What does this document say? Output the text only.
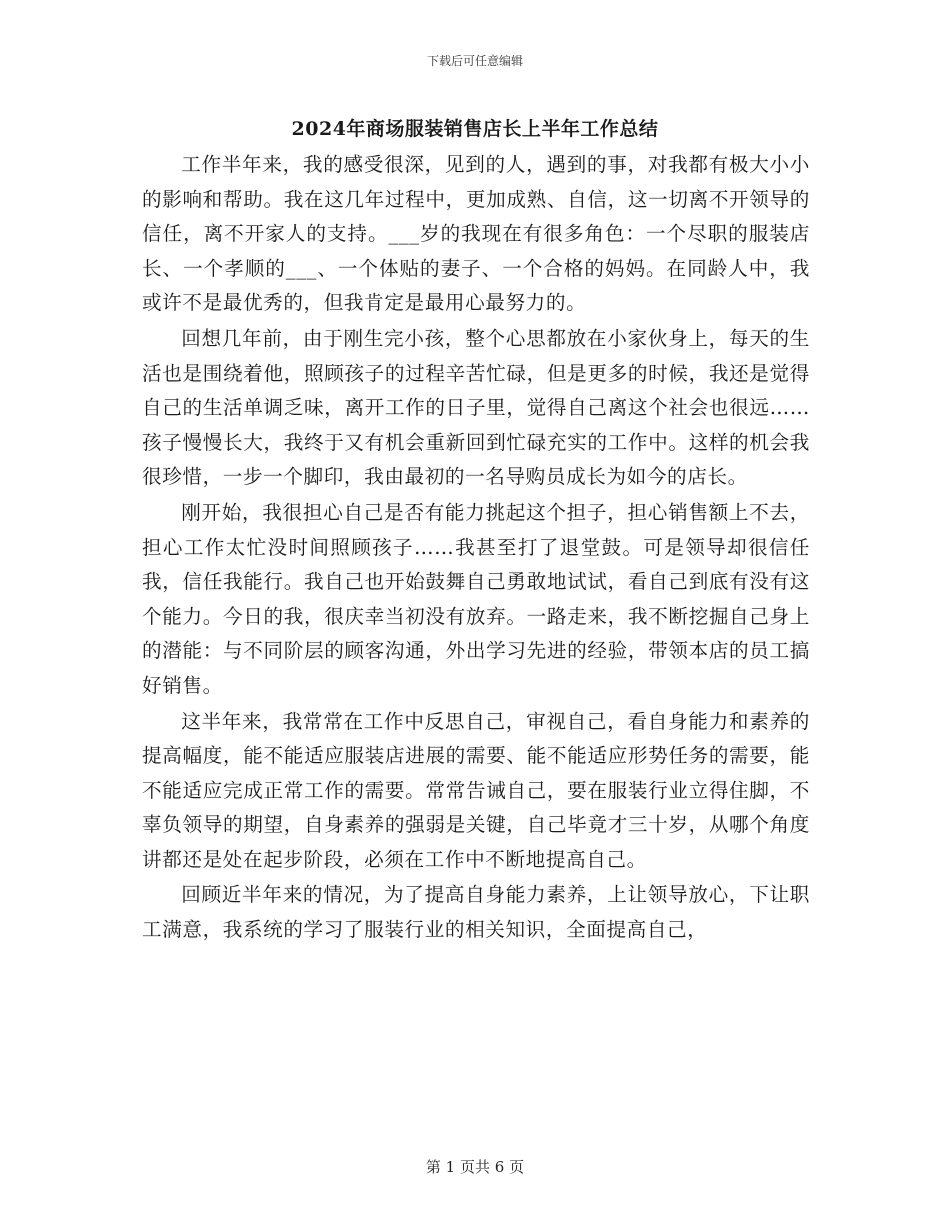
下载后可任意编辑
2024年商场服装销售店长上半年工作总结

工作半年来，我的感受很深，见到的人，遇到的事，对我都有极大小小的影响和帮助。我在这几年过程中，更加成熟、自信，这一切离不开领导的信任，离不开家人的支持。___岁的我现在有很多角色：一个尽职的服装店长、一个孝顺的___、一个体贴的妻子、一个合格的妈妈。在同龄人中，我或许不是最优秀的，但我肯定是最用心最努力的。

回想几年前，由于刚生完小孩，整个心思都放在小家伙身上，每天的生活也是围绕着他，照顾孩子的过程辛苦忙碌，但是更多的时候，我还是觉得自己的生活单调乏味，离开工作的日子里，觉得自己离这个社会也很远……孩子慢慢长大，我终于又有机会重新回到忙碌充实的工作中。这样的机会我很珍惜，一步一个脚印，我由最初的一名导购员成长为如今的店长。

刚开始，我很担心自己是否有能力挑起这个担子，担心销售额上不去，担心工作太忙没时间照顾孩子……我甚至打了退堂鼓。可是领导却很信任我，信任我能行。我自己也开始鼓舞自己勇敢地试试，看自己到底有没有这个能力。今日的我，很庆幸当初没有放弃。一路走来，我不断挖掘自己身上的潜能：与不同阶层的顾客沟通，外出学习先进的经验，带领本店的员工搞好销售。

这半年来，我常常在工作中反思自己，审视自己，看自身能力和素养的提高幅度，能不能适应服装店进展的需要、能不能适应形势任务的需要，能不能适应完成正常工作的需要。常常告诫自己，要在服装行业立得住脚，不辜负领导的期望，自身素养的强弱是关键，自己毕竟才三十岁，从哪个角度讲都还是处在起步阶段，必须在工作中不断地提高自己。

回顾近半年来的情况，为了提高自身能力素养，上让领导放心，下让职工满意，我系统的学习了服装行业的相关知识，全面提高自己，

第 1 页共 6 页
